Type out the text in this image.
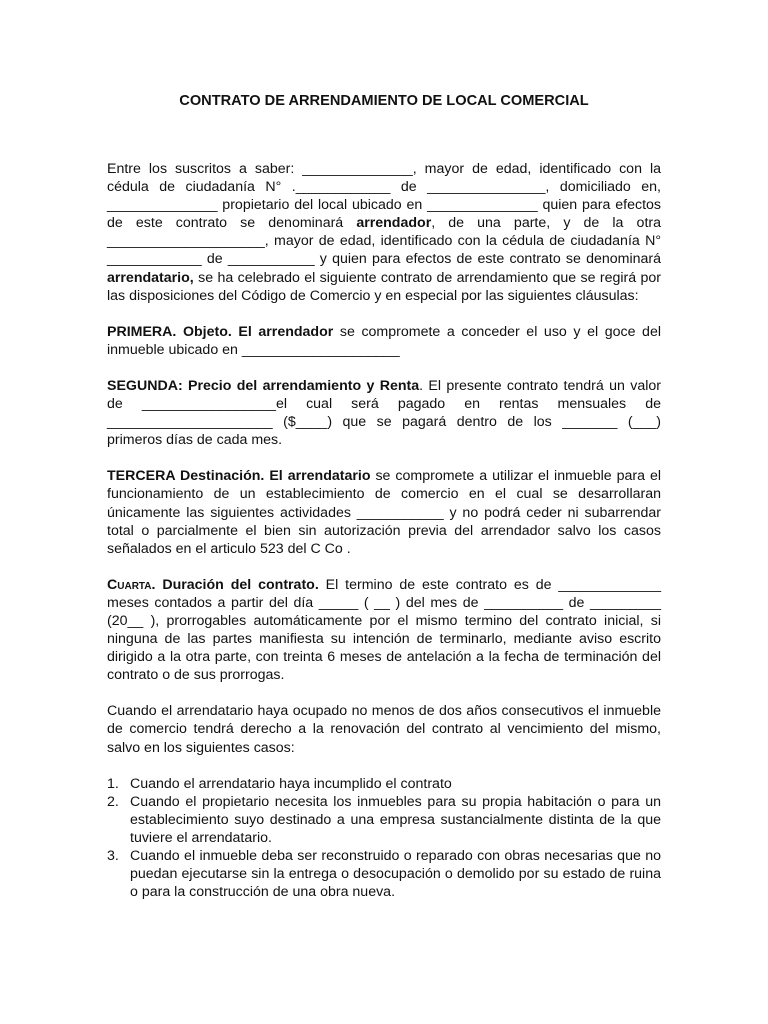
CONTRATO DE ARRENDAMIENTO DE LOCAL COMERCIAL

Entre los suscritos a saber: ______________, mayor de edad, identificado con la cédula de ciudadanía N° .____________ de _______________, domiciliado en, ______________ propietario del local ubicado en ______________ quien para efectos de este contrato se denominará arrendador, de una parte, y de la otra ____________________, mayor de edad, identificado con la cédula de ciudadanía N° ____________ de ___________ y quien para efectos de este contrato se denominará arrendatario, se ha celebrado el siguiente contrato de arrendamiento que se regirá por las disposiciones del Código de Comercio y en especial por las siguientes cláusulas:

PRIMERA. Objeto. El arrendador se compromete a conceder el uso y el goce del inmueble ubicado en ____________________

SEGUNDA: Precio del arrendamiento y Renta. El presente contrato tendrá un valor de _________________el cual será pagado en rentas mensuales de _____________________ ($____) que se pagará dentro de los _______ (___) primeros días de cada mes.

TERCERA Destinación. El arrendatario se compromete a utilizar el inmueble para el funcionamiento de un establecimiento de comercio en el cual se desarrollaran únicamente las siguientes actividades ___________ y no podrá ceder ni subarrendar total o parcialmente el bien sin autorización previa del arrendador salvo los casos señalados en el articulo 523 del C Co .

Cuarta. Duración del contrato. El termino de este contrato es de _____________ meses contados a partir del día _____ ( __ ) del mes de __________ de _________ (20__ ), prorrogables automáticamente por el mismo termino del contrato inicial, si ninguna de las partes manifiesta su intención de terminarlo, mediante aviso escrito dirigido a la otra parte, con treinta 6 meses de antelación a la fecha de terminación del contrato o de sus prorrogas.

Cuando el arrendatario haya ocupado no menos de dos años consecutivos el inmueble de comercio tendrá derecho a la renovación del contrato al vencimiento del mismo, salvo en los siguientes casos:

1. Cuando el arrendatario haya incumplido el contrato
2. Cuando el propietario necesita los inmuebles para su propia habitación o para un establecimiento suyo destinado a una empresa sustancialmente distinta de la que tuviere el arrendatario.
3. Cuando el inmueble deba ser reconstruido o reparado con obras necesarias que no puedan ejecutarse sin la entrega o desocupación o demolido por su estado de ruina o para la construcción de una obra nueva.
